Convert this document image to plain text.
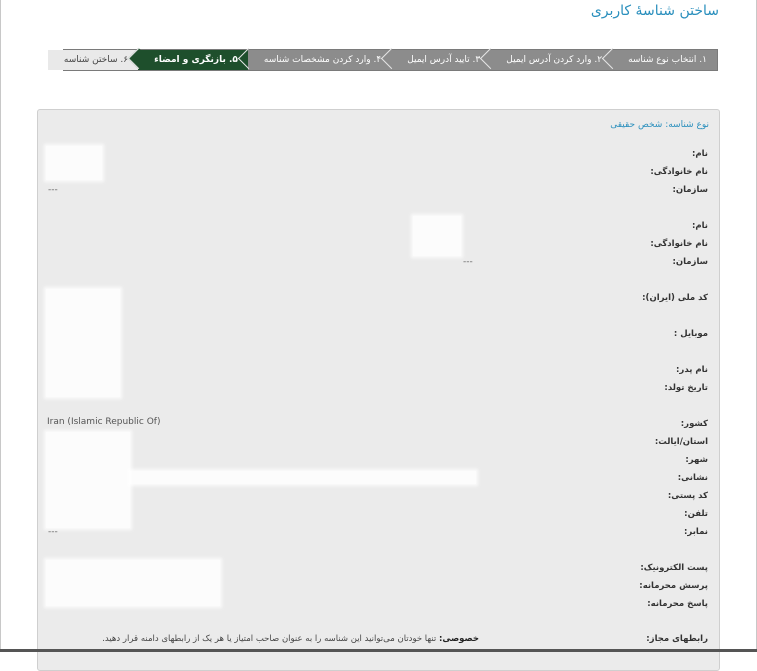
ساختن شناسهٔ کاربری
۱. انتخاب نوع شناسه
۲. وارد کردن آدرس ایمیل
۳. تایید آدرس ایمیل
۴. وارد کردن مشخصات شناسه
۵. بازنگری و امضاء
۶. ساختن شناسه
نوع شناسه: شخص حقیقی
نام:
نام خانوادگی:
سازمان:
---
نام:
نام خانوادگی:
سازمان:
---
کد ملی (ایران):
موبایل :
نام پدر:
تاریخ تولد:
کشور:
Iran (Islamic Republic Of)
استان/ایالت:
شهر:
نشانی:
کد پستی:
تلفن:
نمابر:
---
پست الکترونیک:
پرسش محرمانه:
پاسخ محرمانه:
رابطهای مجاز:
خصوصی: تنها خودتان می‌توانید این شناسه را به عنوان صاحب امتیاز یا هر یک از رابطهای دامنه قرار دهید.
